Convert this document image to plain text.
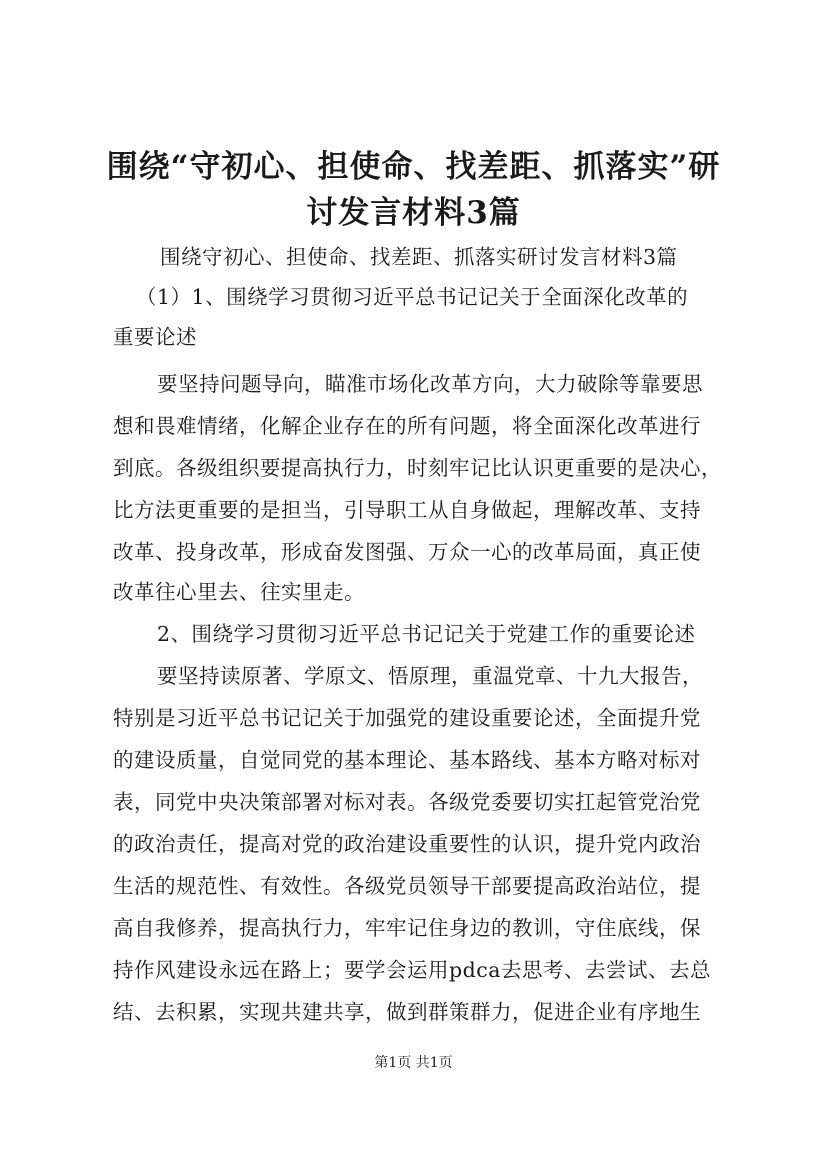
围绕“守初心、担使命、找差距、抓落实”研
讨发言材料3篇
围绕守初心、担使命、找差距、抓落实研讨发言材料3篇
（1）1、围绕学习贯彻习近平总书记记关于全面深化改革的
重要论述
要坚持问题导向，瞄准市场化改革方向，大力破除等靠要思
想和畏难情绪，化解企业存在的所有问题，将全面深化改革进行
到底。各级组织要提高执行力，时刻牢记比认识更重要的是决心，
比方法更重要的是担当，引导职工从自身做起，理解改革、支持
改革、投身改革，形成奋发图强、万众一心的改革局面，真正使
改革往心里去、往实里走。
2、围绕学习贯彻习近平总书记记关于党建工作的重要论述
要坚持读原著、学原文、悟原理，重温党章、十九大报告，
特别是习近平总书记记关于加强党的建设重要论述，全面提升党
的建设质量，自觉同党的基本理论、基本路线、基本方略对标对
表，同党中央决策部署对标对表。各级党委要切实扛起管党治党
的政治责任，提高对党的政治建设重要性的认识，提升党内政治
生活的规范性、有效性。各级党员领导干部要提高政治站位，提
高自我修养，提高执行力，牢牢记住身边的教训，守住底线，保
持作风建设永远在路上；要学会运用pdca去思考、去尝试、去总
结、去积累，实现共建共享，做到群策群力，促进企业有序地生
第1页 共1页
